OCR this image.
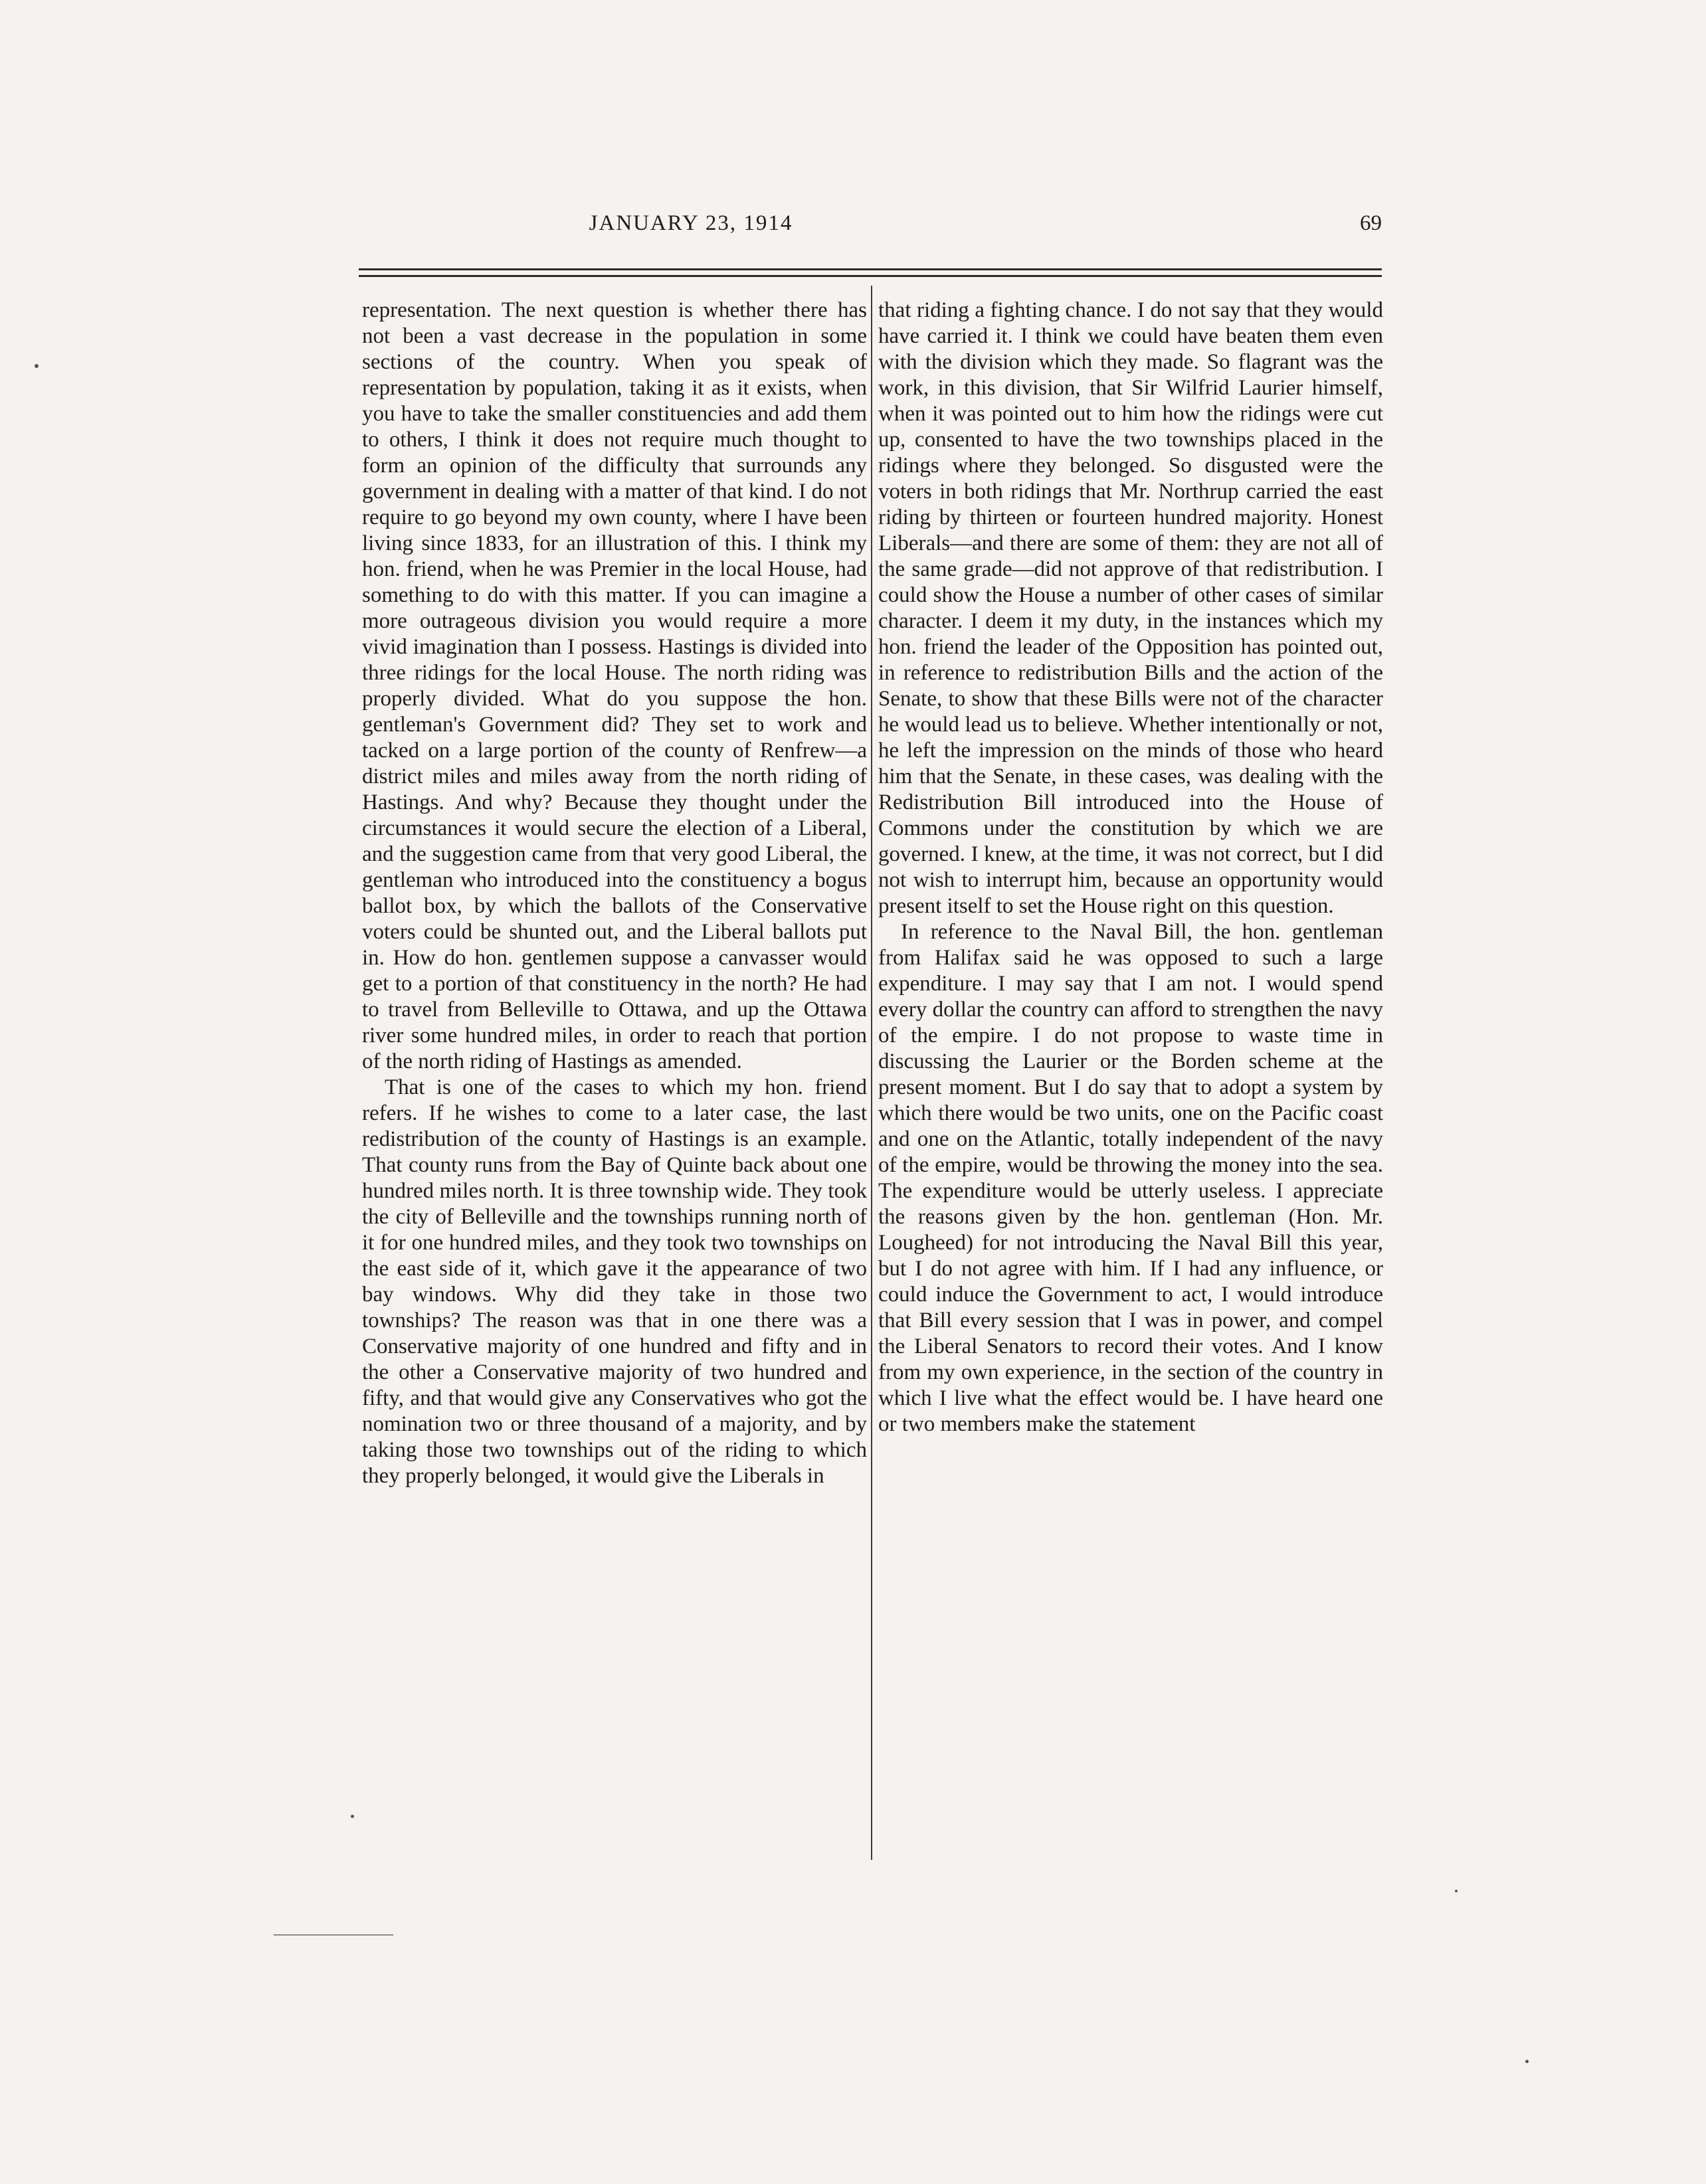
JANUARY 23, 1914	69

representation. The next question is whether there has not been a vast decrease in the population in some sections of the country. When you speak of representation by population, taking it as it exists, when you have to take the smaller constituencies and add them to others, I think it does not require much thought to form an opinion of the difficulty that surrounds any government in dealing with a matter of that kind. I do not require to go beyond my own county, where I have been living since 1833, for an illustration of this. I think my hon. friend, when he was Premier in the local House, had something to do with this matter. If you can imagine a more outrageous division you would require a more vivid imagination than I possess. Hastings is divided into three ridings for the local House. The north riding was properly divided. What do you suppose the hon. gentleman's Government did? They set to work and tacked on a large portion of the county of Renfrew—a district miles and miles away from the north riding of Hastings. And why? Because they thought under the circumstances it would secure the election of a Liberal, and the suggestion came from that very good Liberal, the gentleman who introduced into the constituency a bogus ballot box, by which the ballots of the Conservative voters could be shunted out, and the Liberal ballots put in. How do hon. gentlemen suppose a canvasser would get to a portion of that constituency in the north? He had to travel from Belleville to Ottawa, and up the Ottawa river some hundred miles, in order to reach that portion of the north riding of Hastings as amended.

That is one of the cases to which my hon. friend refers. If he wishes to come to a later case, the last redistribution of the county of Hastings is an example. That county runs from the Bay of Quinte back about one hundred miles north. It is three township wide. They took the city of Belleville and the townships running north of it for one hundred miles, and they took two townships on the east side of it, which gave it the appearance of two bay windows. Why did they take in those two townships? The reason was that in one there was a Conservative majority of one hundred and fifty and in the other a Conservative majority of two hundred and fifty, and that would give any Conservatives who got the nomination two or three thousand of a majority, and by taking those two townships out of the riding to which they properly belonged, it would give the Liberals in

that riding a fighting chance. I do not say that they would have carried it. I think we could have beaten them even with the division which they made. So flagrant was the work, in this division, that Sir Wilfrid Laurier himself, when it was pointed out to him how the ridings were cut up, consented to have the two townships placed in the ridings where they belonged. So disgusted were the voters in both ridings that Mr. Northrup carried the east riding by thirteen or fourteen hundred majority. Honest Liberals—and there are some of them: they are not all of the same grade—did not approve of that redistribution. I could show the House a number of other cases of similar character. I deem it my duty, in the instances which my hon. friend the leader of the Opposition has pointed out, in reference to redistribution Bills and the action of the Senate, to show that these Bills were not of the character he would lead us to believe. Whether intentionally or not, he left the impression on the minds of those who heard him that the Senate, in these cases, was dealing with the Redistribution Bill introduced into the House of Commons under the constitution by which we are governed. I knew, at the time, it was not correct, but I did not wish to interrupt him, because an opportunity would present itself to set the House right on this question.

In reference to the Naval Bill, the hon. gentleman from Halifax said he was opposed to such a large expenditure. I may say that I am not. I would spend every dollar the country can afford to strengthen the navy of the empire. I do not propose to waste time in discussing the Laurier or the Borden scheme at the present moment. But I do say that to adopt a system by which there would be two units, one on the Pacific coast and one on the Atlantic, totally independent of the navy of the empire, would be throwing the money into the sea. The expenditure would be utterly useless. I appreciate the reasons given by the hon. gentleman (Hon. Mr. Lougheed) for not introducing the Naval Bill this year, but I do not agree with him. If I had any influence, or could induce the Government to act, I would introduce that Bill every session that I was in power, and compel the Liberal Senators to record their votes. And I know from my own experience, in the section of the country in which I live what the effect would be. I have heard one or two members make the statement
